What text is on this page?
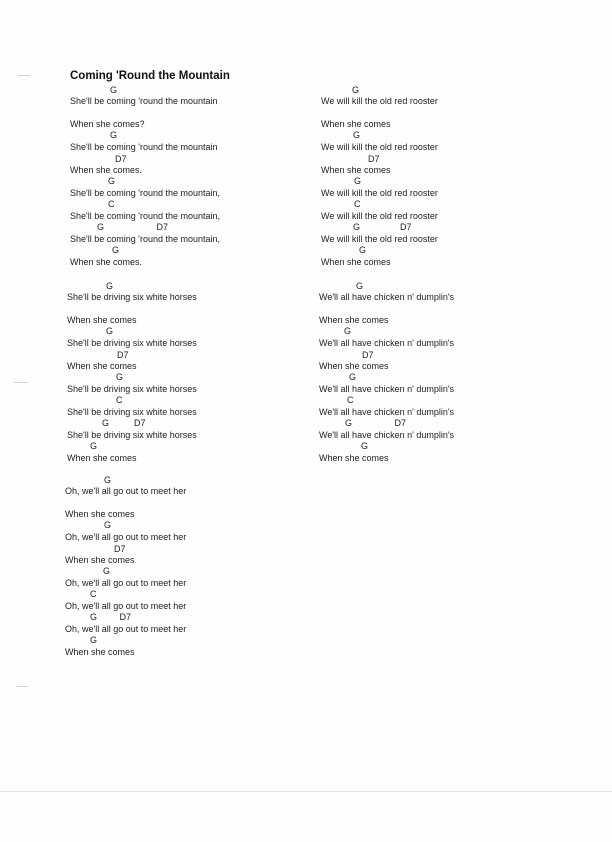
Coming 'Round the Mountain
G
She'll be coming 'round the mountain
When she comes?
G
She'll be coming 'round the mountain
D7
When she comes.
G
She'll be coming 'round the mountain,
C
She'll be coming 'round the mountain,
G                     D7
She'll be coming 'round the mountain,
G
When she comes.
G
She'll be driving six white horses
When she comes
G
She'll be driving six white horses
D7
When she comes
G
She'll be driving six white horses
C
She'll be driving six white horses
G          D7
She'll be driving six white horses
G
When she comes
G
Oh, we'll all go out to meet her
When she comes
G
Oh, we'll all go out to meet her
D7
When she comes
G
Oh, we'll all go out to meet her
C
Oh, we'll all go out to meet her
G         D7
Oh, we'll all go out to meet her
G
When she comes
G
We will kill the old red rooster
When she comes
G
We will kill the old red rooster
D7
When she comes
G
We will kill the old red rooster
C
We will kill the old red rooster
G                D7
We will kill the old red rooster
G
When she comes
G
We'll all have chicken n' dumplin's
When she comes
G
We'll all have chicken n' dumplin's
D7
When she comes
G
We'll all have chicken n' dumplin's
C
We'll all have chicken n' dumplin's
G                 D7
We'll all have chicken n' dumplin's
G
When she comes
